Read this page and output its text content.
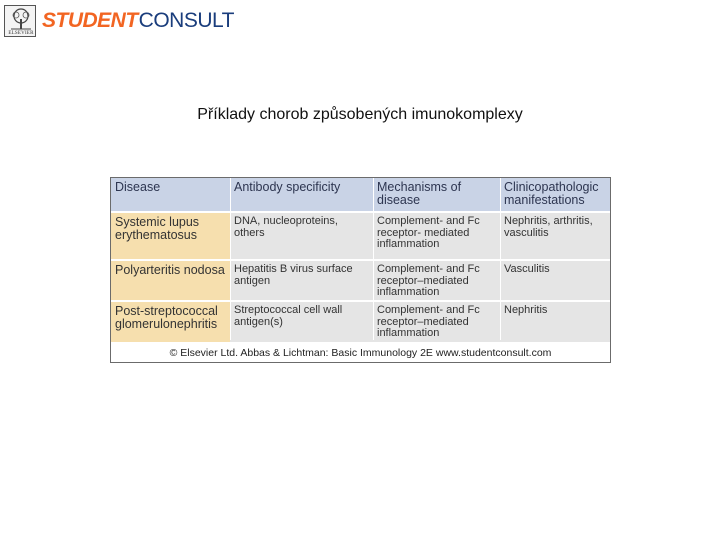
ELSEVIER
STUDENT CONSULT
Příklady chorob způsobených imunokomplexy
Disease	Antibody specificity	Mechanisms of disease
Clinicopathologic manifestations
Systemic lupus erythematosus
DNA, nucleoproteins, others
Complement- and Fc receptor- mediated inflammation
Nephritis, arthritis, vasculitis
Polyarteritis nodosa Hepatitis B virus surface antigen
Complement- and Fc receptor–mediated inflammation
Vasculitis
Post-streptococcal glomerulonephritis
Streptococcal cell wall antigen(s)
Complement- and Fc receptor–mediated inflammation
Nephritis
© Elsevier Ltd. Abbas & Lichtman: Basic Immunology 2E www.studentconsult.com
